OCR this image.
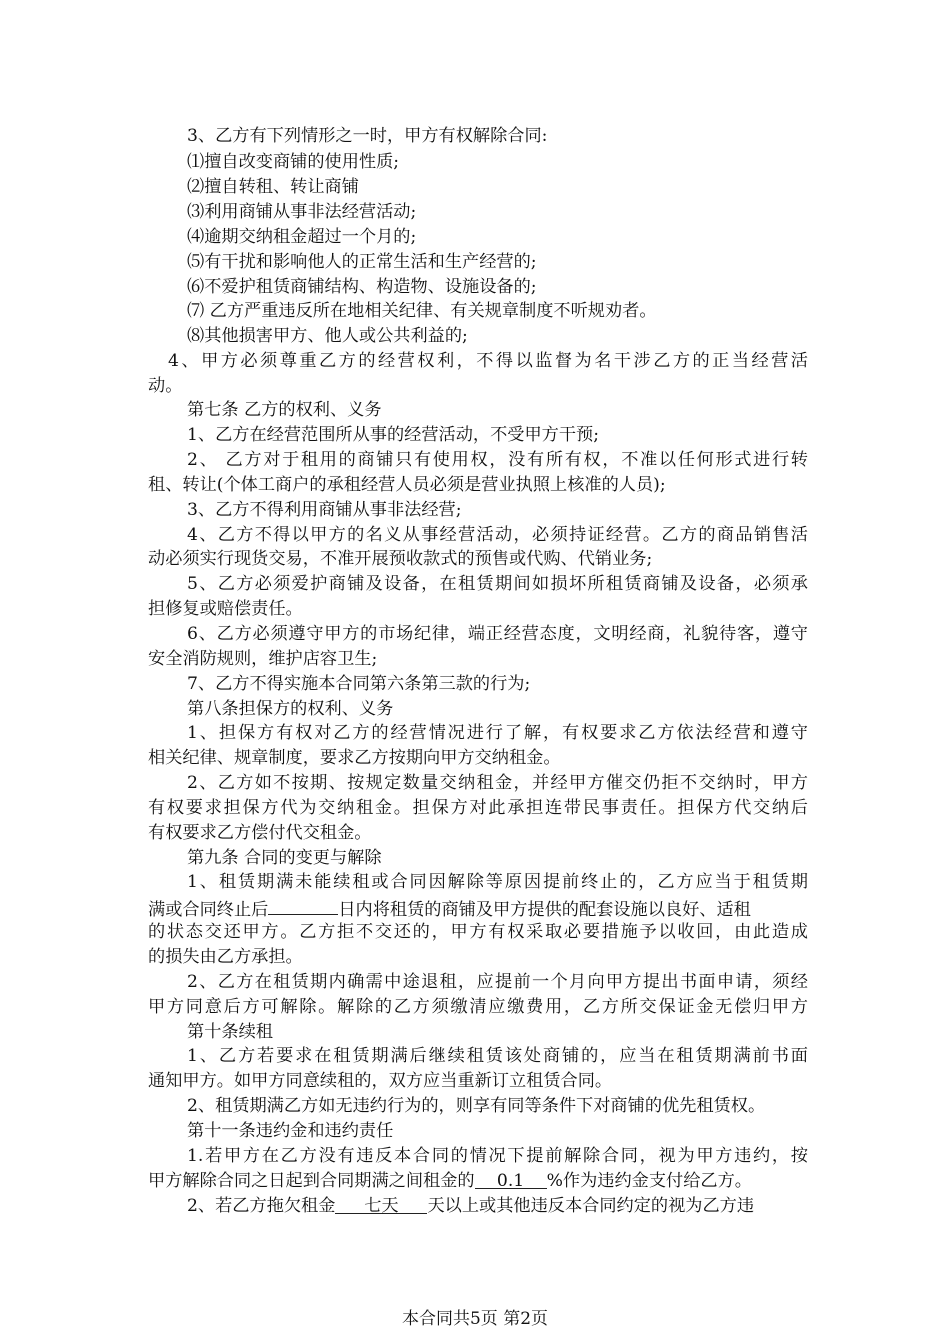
3、乙方有下列情形之一时，甲方有权解除合同:
⑴擅自改变商铺的使用性质;
⑵擅自转租、转让商铺
⑶利用商铺从事非法经营活动;
⑷逾期交纳租金超过一个月的;
⑸有干扰和影响他人的正常生活和生产经营的;
⑹不爱护租赁商铺结构、构造物、设施设备的;
⑺ 乙方严重违反所在地相关纪律、有关规章制度不听规劝者。
⑻其他损害甲方、他人或公共利益的;
4、甲方必须尊重乙方的经营权利，不得以监督为名干涉乙方的正当经营活
动。
第七条 乙方的权利、义务
1、乙方在经营范围所从事的经营活动，不受甲方干预;
2、 乙方对于租用的商铺只有使用权，没有所有权，不准以任何形式进行转
租、转让(个体工商户的承租经营人员必须是营业执照上核准的人员);
3、乙方不得利用商铺从事非法经营;
4、乙方不得以甲方的名义从事经营活动，必须持证经营。乙方的商品销售活
动必须实行现货交易，不准开展预收款式的预售或代购、代销业务;
5、乙方必须爱护商铺及设备，在租赁期间如损坏所租赁商铺及设备，必须承
担修复或赔偿责任。
6、乙方必须遵守甲方的市场纪律，端正经营态度，文明经商，礼貌待客，遵守
安全消防规则，维护店容卫生;
7、乙方不得实施本合同第六条第三款的行为;
第八条担保方的权利、义务
1、担保方有权对乙方的经营情况进行了解，有权要求乙方依法经营和遵守
相关纪律、规章制度，要求乙方按期向甲方交纳租金。
2、乙方如不按期、按规定数量交纳租金，并经甲方催交仍拒不交纳时，甲方
有权要求担保方代为交纳租金。担保方对此承担连带民事责任。担保方代交纳后
有权要求乙方偿付代交租金。
第九条 合同的变更与解除
1、租赁期满未能续租或合同因解除等原因提前终止的，乙方应当于租赁期
满或合同终止后	日内将租赁的商铺及甲方提供的配套设施以良好、适租
的状态交还甲方。乙方拒不交还的，甲方有权采取必要措施予以收回，由此造成
的损失由乙方承担。
2、乙方在租赁期内确需中途退租，应提前一个月向甲方提出书面申请，须经
甲方同意后方可解除。解除的乙方须缴清应缴费用，乙方所交保证金无偿归甲方
第十条续租
1、乙方若要求在租赁期满后继续租赁该处商铺的，应当在租赁期满前书面
通知甲方。如甲方同意续租的，双方应当重新订立租赁合同。
2、租赁期满乙方如无违约行为的，则享有同等条件下对商铺的优先租赁权。
第十一条违约金和违约责任
1.若甲方在乙方没有违反本合同的情况下提前解除合同，视为甲方违约，按
甲方解除合同之日起到合同期满之间租金的 0.1 %作为违约金支付给乙方。
2、若乙方拖欠租金 七天 天以上或其他违反本合同约定的视为乙方违
本合同共5页 第2页
